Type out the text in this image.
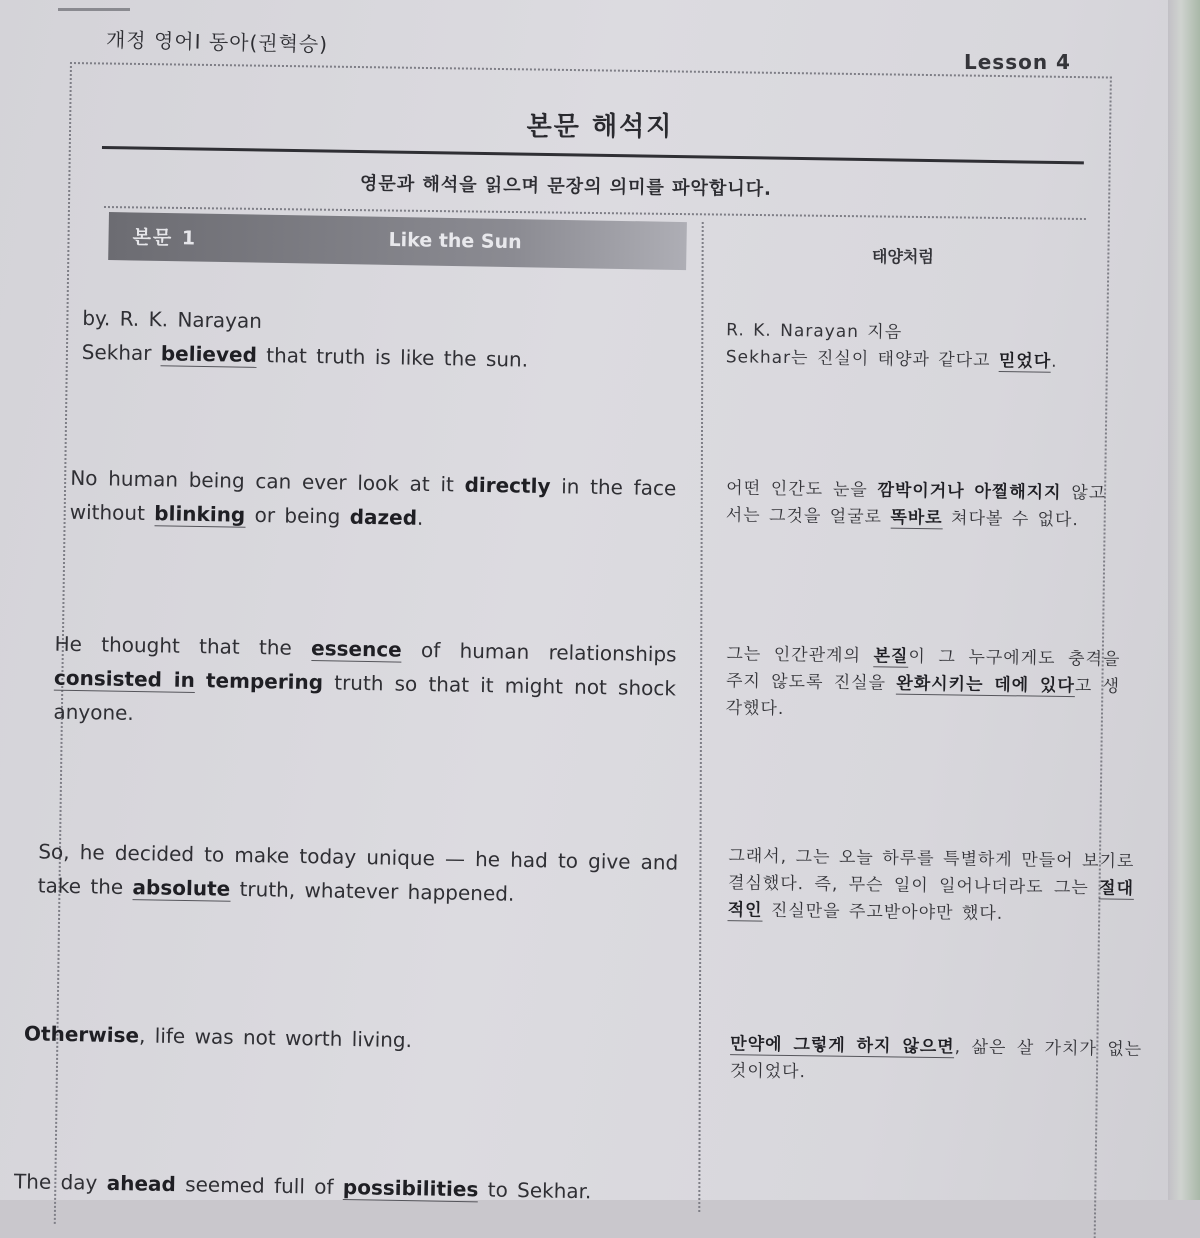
개정 영어I 동아(권혁승)
Lesson 4
본문 해석지
영문과 해석을 읽으며 문장의 의미를 파악합니다.
본문 1	Like the Sun
태양처럼
by. R. K. Narayan
Sekhar believed that truth is like the sun.
R. K. Narayan 지음
Sekhar는 진실이 태양과 같다고 믿었다.
No human being can ever look at it directly in the face without blinking or being dazed.
어떤 인간도 눈을 깜박이거나 아찔해지지 않고서는 그것을 얼굴로 똑바로 쳐다볼 수 없다.
He thought that the essence of human relationships consisted in tempering truth so that it might not shock anyone.
그는 인간관계의 본질이 그 누구에게도 충격을 주지 않도록 진실을 완화시키는 데에 있다고 생각했다.
So, he decided to make today unique — he had to give and take the absolute truth, whatever happened.
그래서, 그는 오늘 하루를 특별하게 만들어 보기로 결심했다. 즉, 무슨 일이 일어나더라도 그는 절대적인 진실만을 주고받아야만 했다.
Otherwise, life was not worth living.	만약에 그렇게 하지 않으면, 삶은 살 가치가 없는 것이었다.
The day ahead seemed full of possibilities to Sekhar.
